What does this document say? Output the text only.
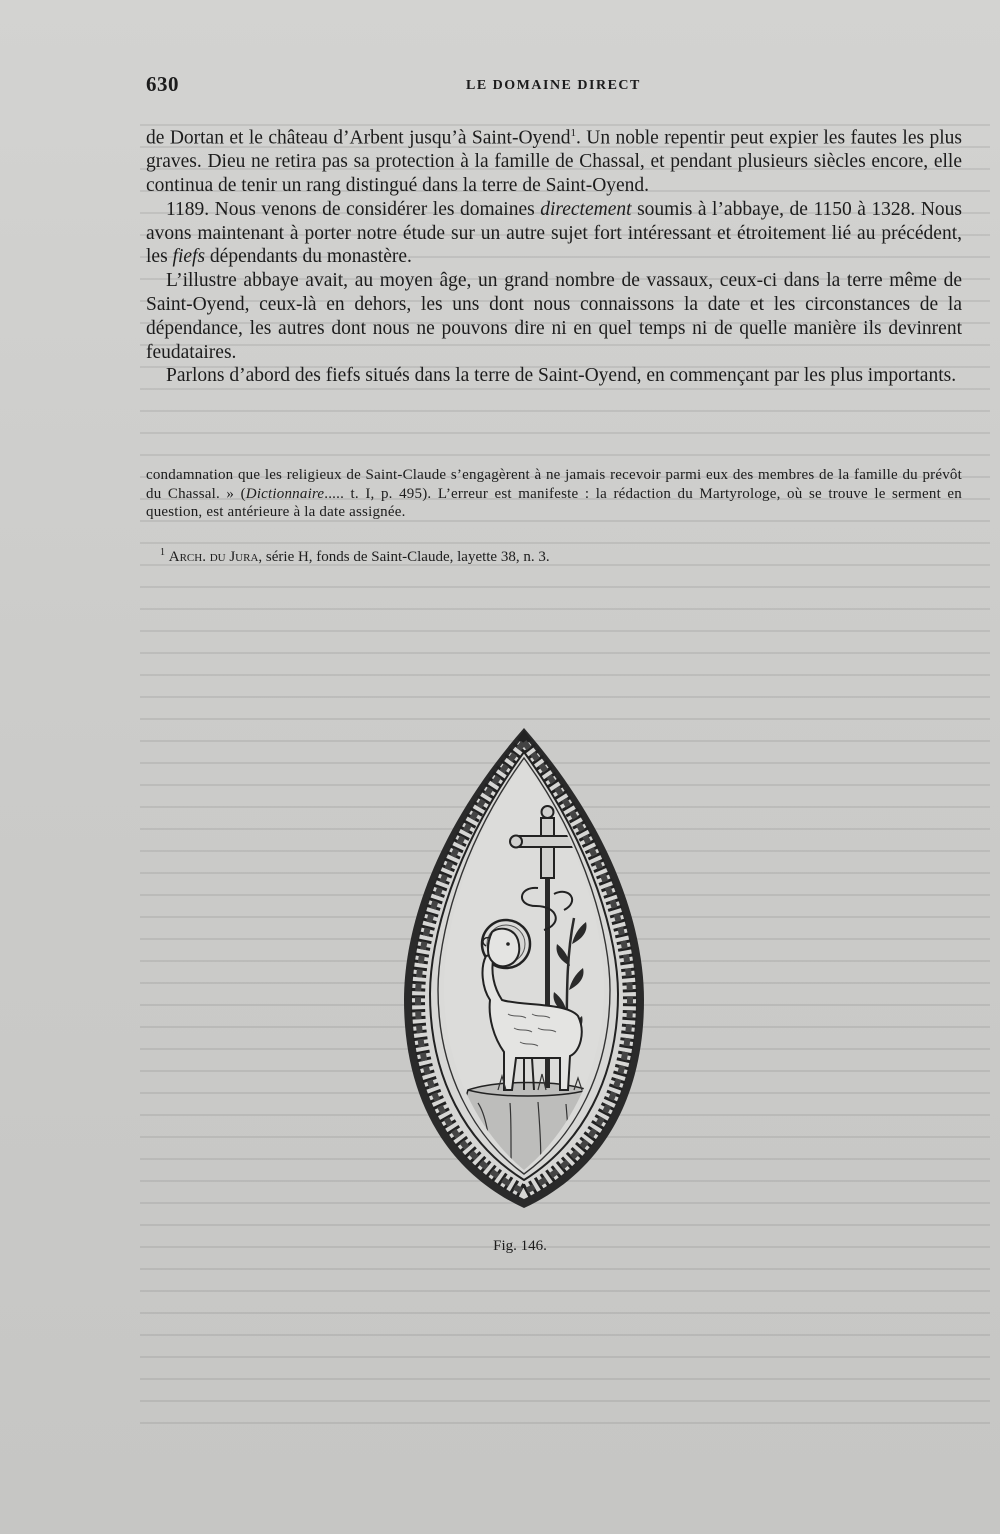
630	LE DOMAINE DIRECT

de Dortan et le château d’Arbent jusqu’à Saint-Oyend$^1$. Un noble repentir peut expier les fautes les plus graves. Dieu ne retira pas sa protection à la famille de Chassal, et pendant plusieurs siècles encore, elle continua de tenir un rang distingué dans la terre de Saint-Oyend.

1189. Nous venons de considérer les domaines directement soumis à l’abbaye, de 1150 à 1328. Nous avons maintenant à porter notre étude sur un autre sujet fort intéressant et étroitement lié au précédent, les fiefs dépendants du monastère.

L’illustre abbaye avait, au moyen âge, un grand nombre de vassaux, ceux-ci dans la terre même de Saint-Oyend, ceux-là en dehors, les uns dont nous connaissons la date et les circonstances de la dépendance, les autres dont nous ne pouvons dire ni en quel temps ni de quelle manière ils devinrent feudataires.

Parlons d’abord des fiefs situés dans la terre de Saint-Oyend, en commençant par les plus importants.

condamnation que les religieux de Saint-Claude s’engagèrent à ne jamais recevoir parmi eux des membres de la famille du prévôt du Chassal. » (Dictionnaire..... t. I, p. 495). L’erreur est manifeste : la rédaction du Martyrologe, où se trouve le serment en question, est antérieure à la date assignée.

$^1$ Arch. du Jura, série H, fonds de Saint-Claude, layette 38, n. 3.
Fig. 146.
